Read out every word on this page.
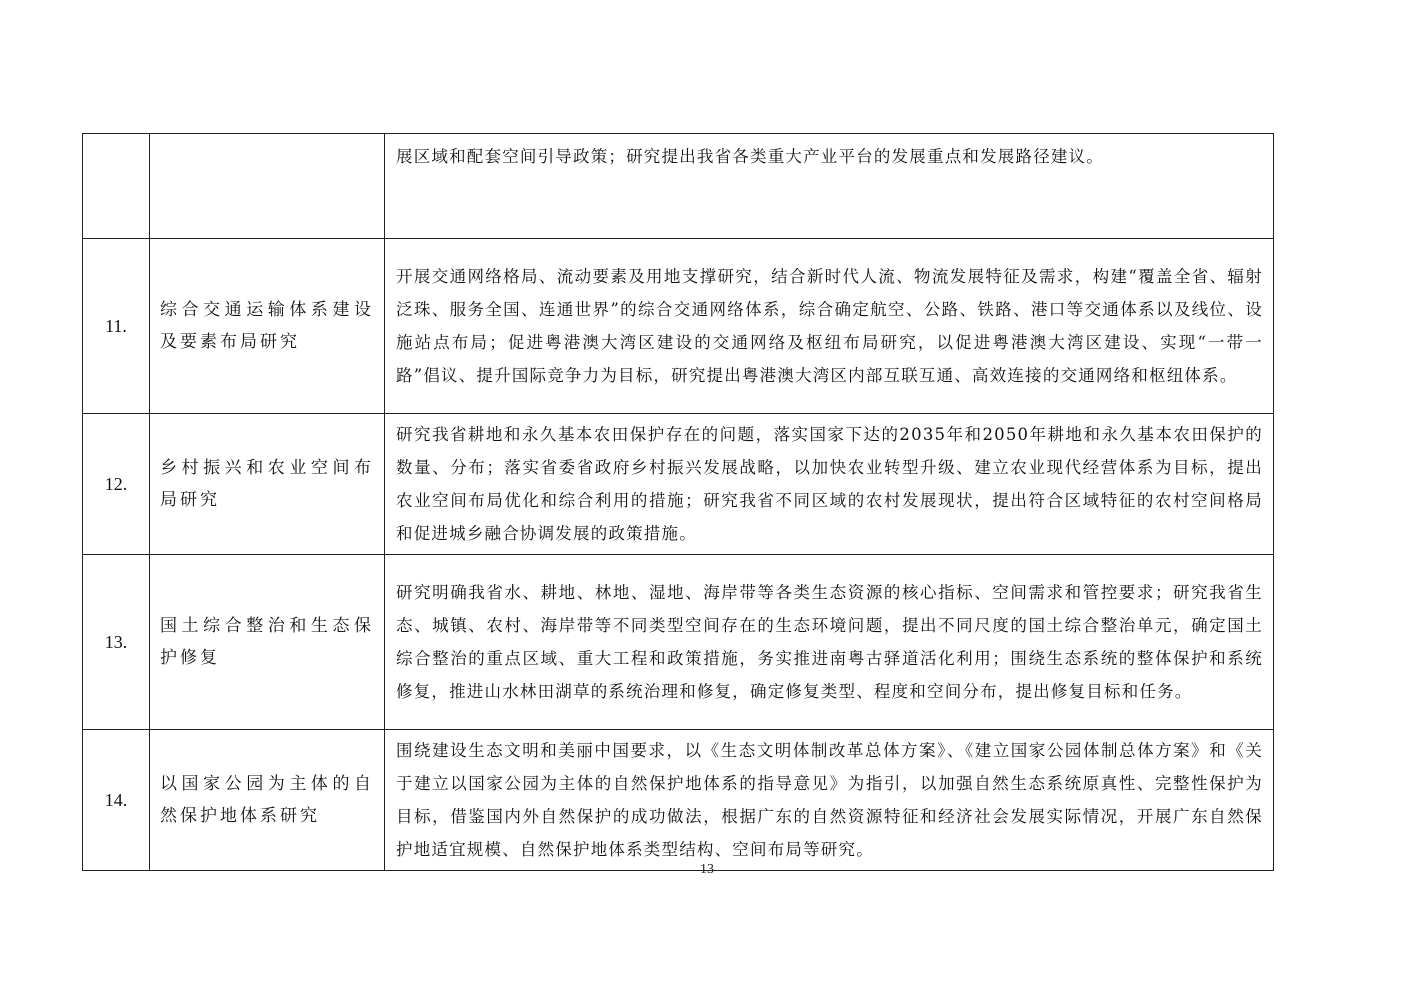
		展区域和配套空间引导政策；研究提出我省各类重大产业平台的发展重点和发展路径建议。

11.	综合交通运输体系建设及要素布局研究	开展交通网络格局、流动要素及用地支撑研究，结合新时代人流、物流发展特征及需求，构建“覆盖全省、辐射泛珠、服务全国、连通世界”的综合交通网络体系，综合确定航空、公路、铁路、港口等交通体系以及线位、设施站点布局；促进粤港澳大湾区建设的交通网络及枢纽布局研究，以促进粤港澳大湾区建设、实现“一带一路”倡议、提升国际竞争力为目标，研究提出粤港澳大湾区内部互联互通、高效连接的交通网络和枢纽体系。

12.	乡村振兴和农业空间布局研究	研究我省耕地和永久基本农田保护存在的问题，落实国家下达的2035年和2050年耕地和永久基本农田保护的数量、分布；落实省委省政府乡村振兴发展战略，以加快农业转型升级、建立农业现代经营体系为目标，提出农业空间布局优化和综合利用的措施；研究我省不同区域的农村发展现状，提出符合区域特征的农村空间格局和促进城乡融合协调发展的政策措施。

13.	国土综合整治和生态保护修复	研究明确我省水、耕地、林地、湿地、海岸带等各类生态资源的核心指标、空间需求和管控要求；研究我省生态、城镇、农村、海岸带等不同类型空间存在的生态环境问题，提出不同尺度的国土综合整治单元，确定国土综合整治的重点区域、重大工程和政策措施，务实推进南粤古驿道活化利用；围绕生态系统的整体保护和系统修复，推进山水林田湖草的系统治理和修复，确定修复类型、程度和空间分布，提出修复目标和任务。

14.	以国家公园为主体的自然保护地体系研究	围绕建设生态文明和美丽中国要求，以《生态文明体制改革总体方案》、《建立国家公园体制总体方案》和《关于建立以国家公园为主体的自然保护地体系的指导意见》为指引，以加强自然生态系统原真性、完整性保护为目标，借鉴国内外自然保护的成功做法，根据广东的自然资源特征和经济社会发展实际情况，开展广东自然保护地适宜规模、自然保护地体系类型结构、空间布局等研究。
13
